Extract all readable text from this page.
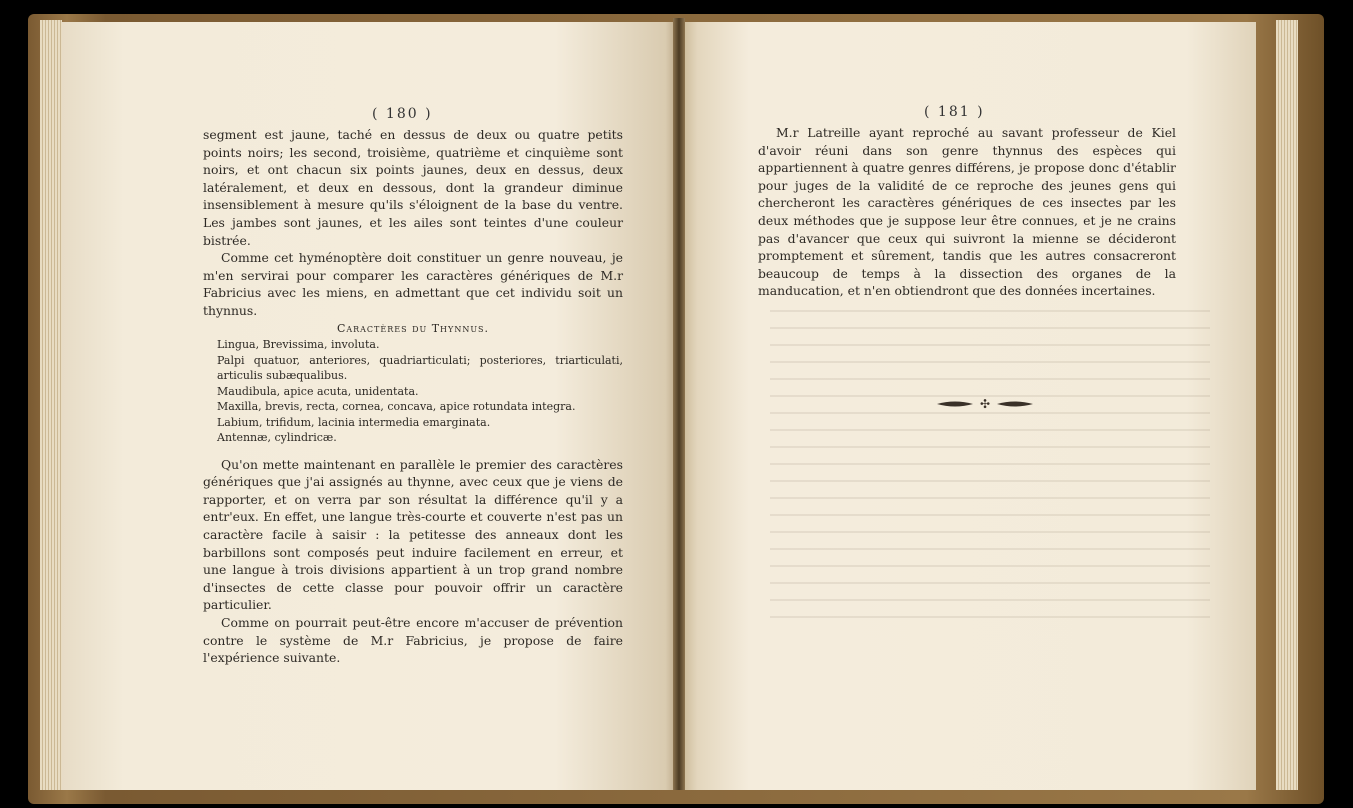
( 180 )

segment est jaune, taché en dessus de deux ou quatre petits points noirs; les second, troisième, quatrième et cinquième sont noirs, et ont chacun six points jaunes, deux en dessus, deux latéralement, et deux en dessous, dont la grandeur diminue insensiblement à mesure qu'ils s'éloignent de la base du ventre. Les jambes sont jaunes, et les ailes sont teintes d'une couleur bistrée.

Comme cet hyménoptère doit constituer un genre nouveau, je m'en servirai pour comparer les caractères génériques de M.r Fabricius avec les miens, en admettant que cet individu soit un thynnus.

Caractères du Thynnus.

Lingua, Brevissima, involuta.

Palpi quatuor, anteriores, quadriarticulati; posteriores, triarticulati, articulis subæqualibus.

Maudibula, apice acuta, unidentata.

Maxilla, brevis, recta, cornea, concava, apice rotundata integra.

Labium, trifidum, lacinia intermedia emarginata.

Antennæ, cylindricæ.

Qu'on mette maintenant en parallèle le premier des caractères génériques que j'ai assignés au thynne, avec ceux que je viens de rapporter, et on verra par son résultat la différence qu'il y a entr'eux. En effet, une langue très-courte et couverte n'est pas un caractère facile à saisir : la petitesse des anneaux dont les barbillons sont composés peut induire facilement en erreur, et une langue à trois divisions appartient à un trop grand nombre d'insectes de cette classe pour pouvoir offrir un caractère particulier.

Comme on pourrait peut-être encore m'accuser de prévention contre le système de M.r Fabricius, je propose de faire l'expérience suivante.

( 181 )

M.r Latreille ayant reproché au savant professeur de Kiel d'avoir réuni dans son genre thynnus des espèces qui appartiennent à quatre genres différens, je propose donc d'établir pour juges de la validité de ce reproche des jeunes gens qui chercheront les caractères génériques de ces insectes par les deux méthodes que je suppose leur être connues, et je ne crains pas d'avancer que ceux qui suivront la mienne se décideront promptement et sûrement, tandis que les autres consacreront beaucoup de temps à la dissection des organes de la manducation, et n'en obtiendront que des données incertaines.

✣
